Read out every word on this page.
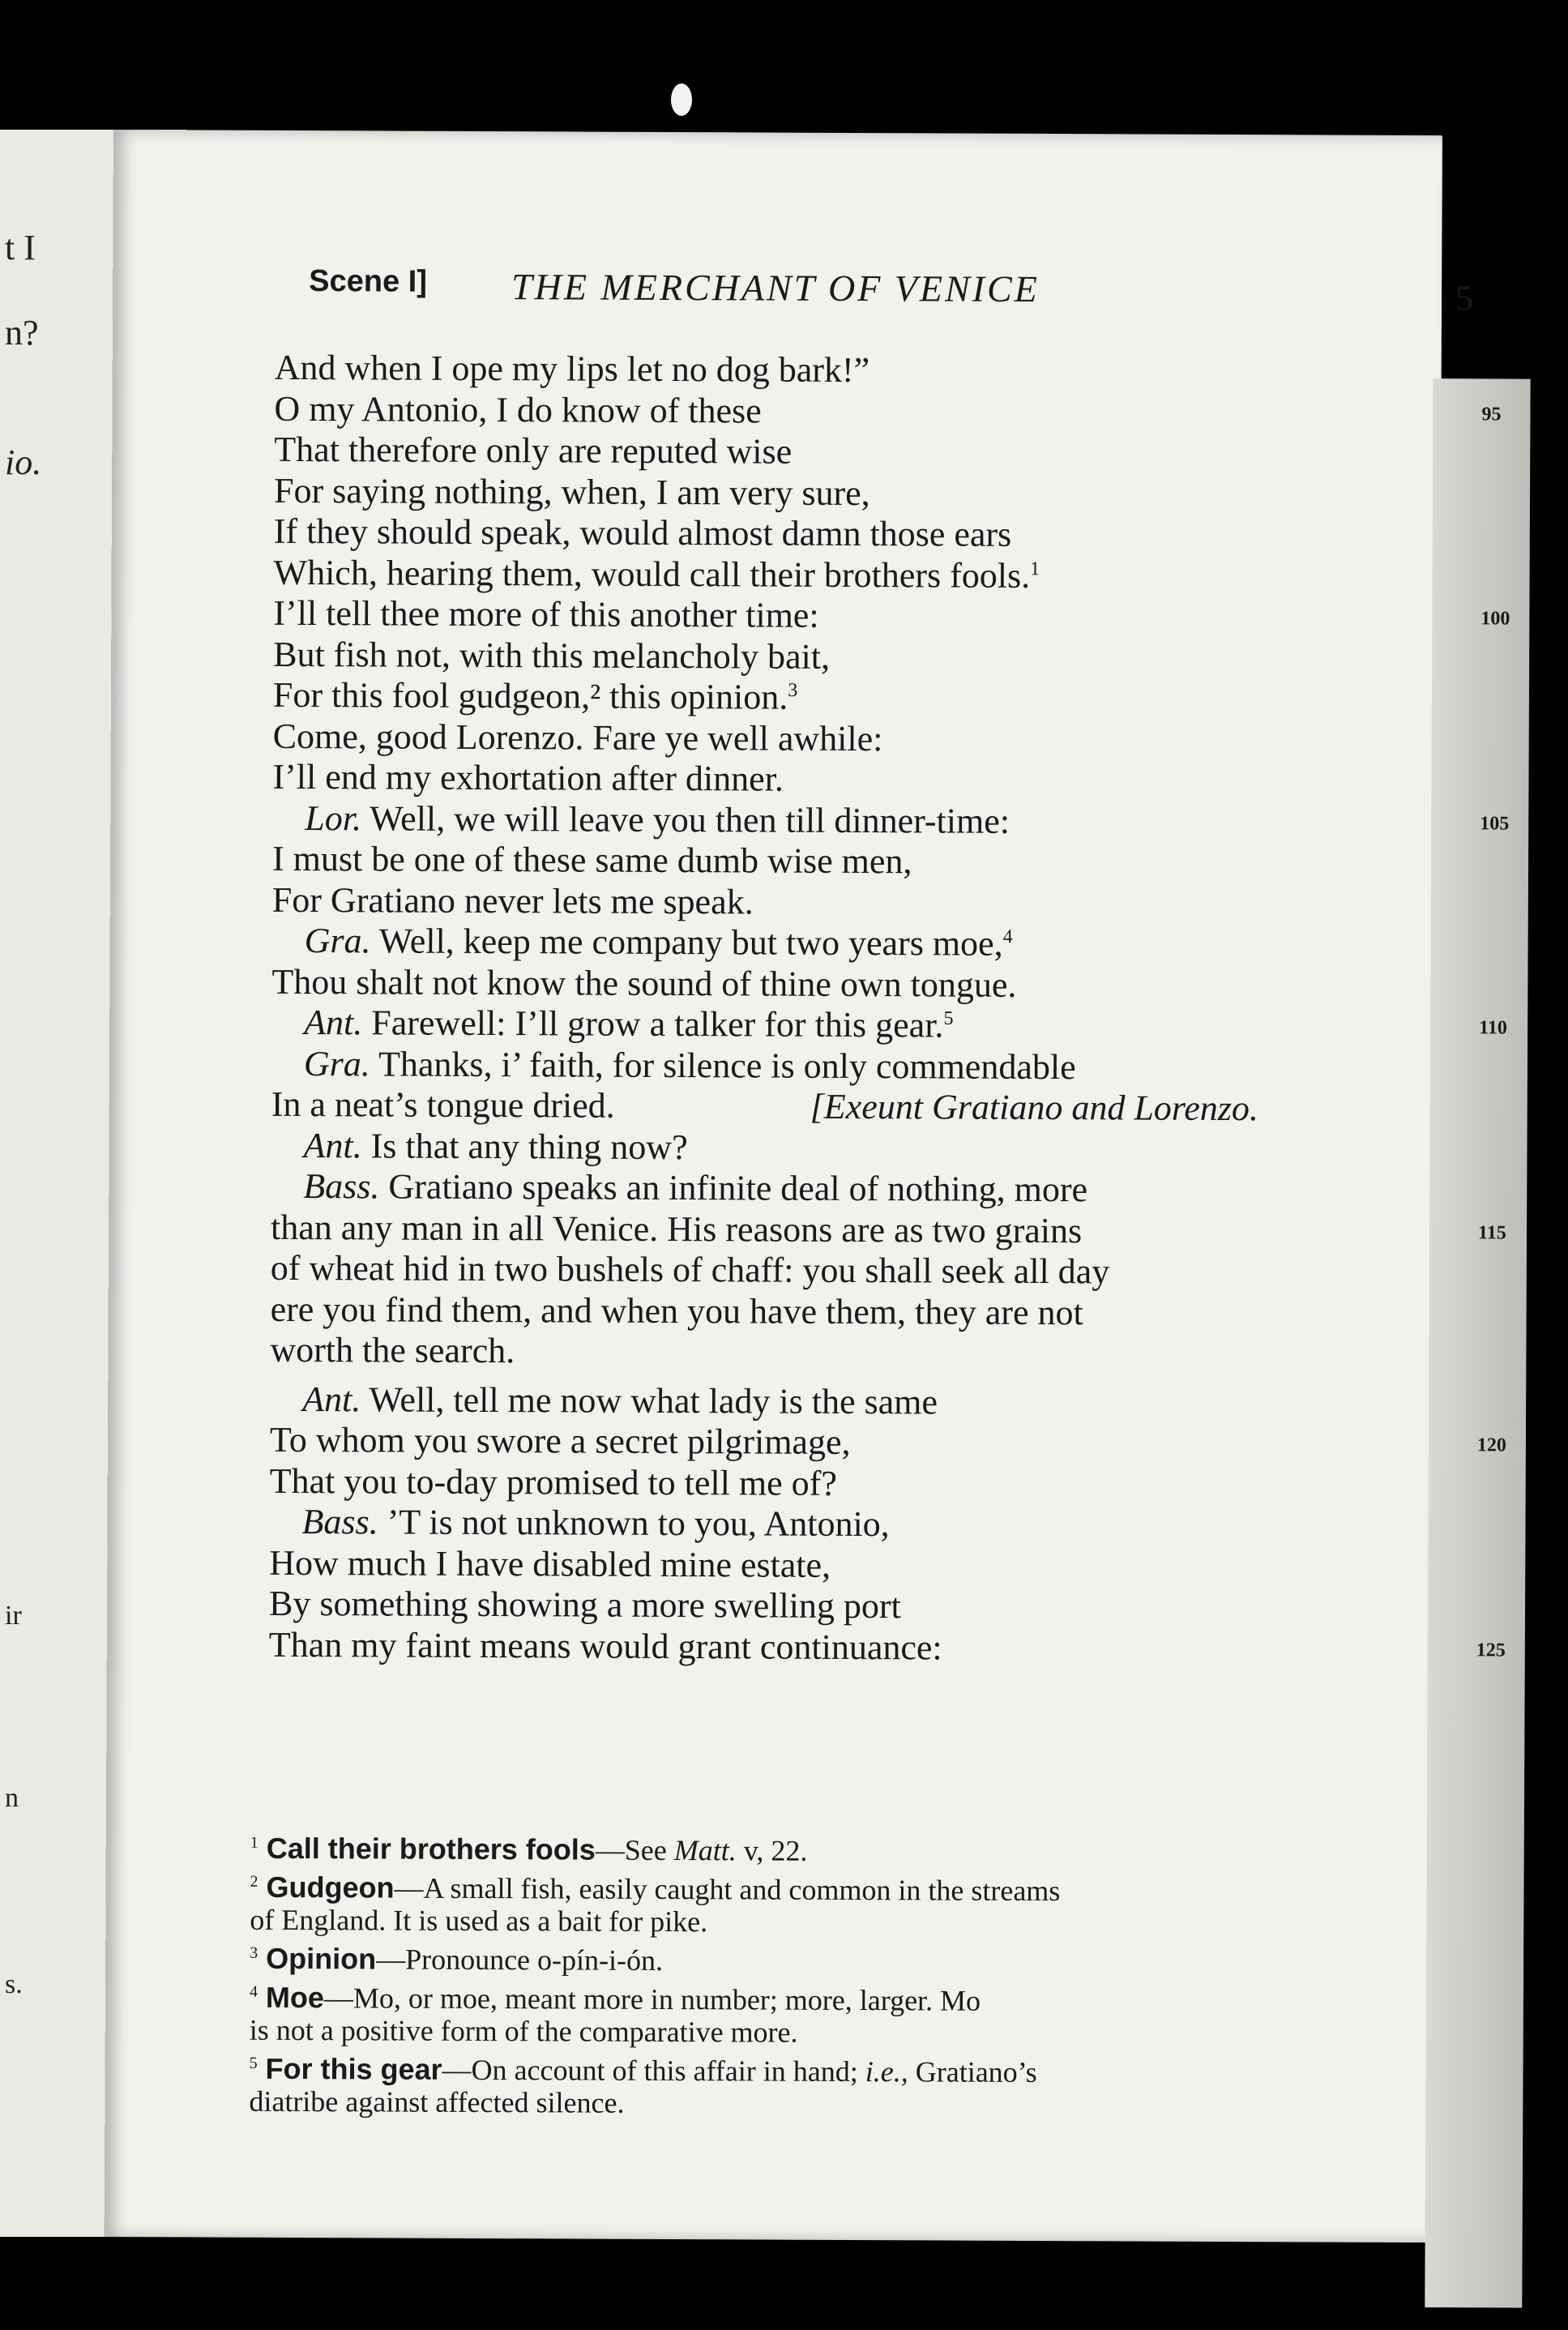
t I
n?
io.
ir
n
s.
Scene I] THE MERCHANT OF VENICE	5
And when I ope my lips let no dog bark!”
O my Antonio, I do know of these	95
That therefore only are reputed wise
For saying nothing, when, I am very sure,
If they should speak, would almost damn those ears
Which, hearing them, would call their brothers fools.$^1$
I’ll tell thee more of this another time:	100
But fish not, with this melancholy bait,
For this fool gudgeon,² this opinion.$^3$
Come, good Lorenzo. Fare ye well awhile:
I’ll end my exhortation after dinner.
Lor. Well, we will leave you then till dinner-time:	105
I must be one of these same dumb wise men,
For Gratiano never lets me speak.
Gra. Well, keep me company but two years moe,$^4$
Thou shalt not know the sound of thine own tongue.
Ant. Farewell: I’ll grow a talker for this gear.$^5$	110
Gra. Thanks, i’ faith, for silence is only commendable
In a neat’s tongue dried.	[Exeunt Gratiano and Lorenzo.
Ant. Is that any thing now?
Bass. Gratiano speaks an infinite deal of nothing, more
than any man in all Venice. His reasons are as two grains	115
of wheat hid in two bushels of chaff: you shall seek all day
ere you find them, and when you have them, they are not
worth the search.
Ant. Well, tell me now what lady is the same
To whom you swore a secret pilgrimage,	120
That you to-day promised to tell me of?
Bass. ’T is not unknown to you, Antonio,
How much I have disabled mine estate,
By something showing a more swelling port
Than my faint means would grant continuance:	125
$^1$ Call their brothers fools—See Matt. v, 22.
$^2$ Gudgeon—A small fish, easily caught and common in the streams
of England. It is used as a bait for pike.
$^3$ Opinion—Pronounce o-pín-i-ón.
$^4$ Moe—Mo, or moe, meant more in number; more, larger. Mo
is not a positive form of the comparative more.
$^5$ For this gear—On account of this affair in hand; i.e., Gratiano’s
diatribe against affected silence.
